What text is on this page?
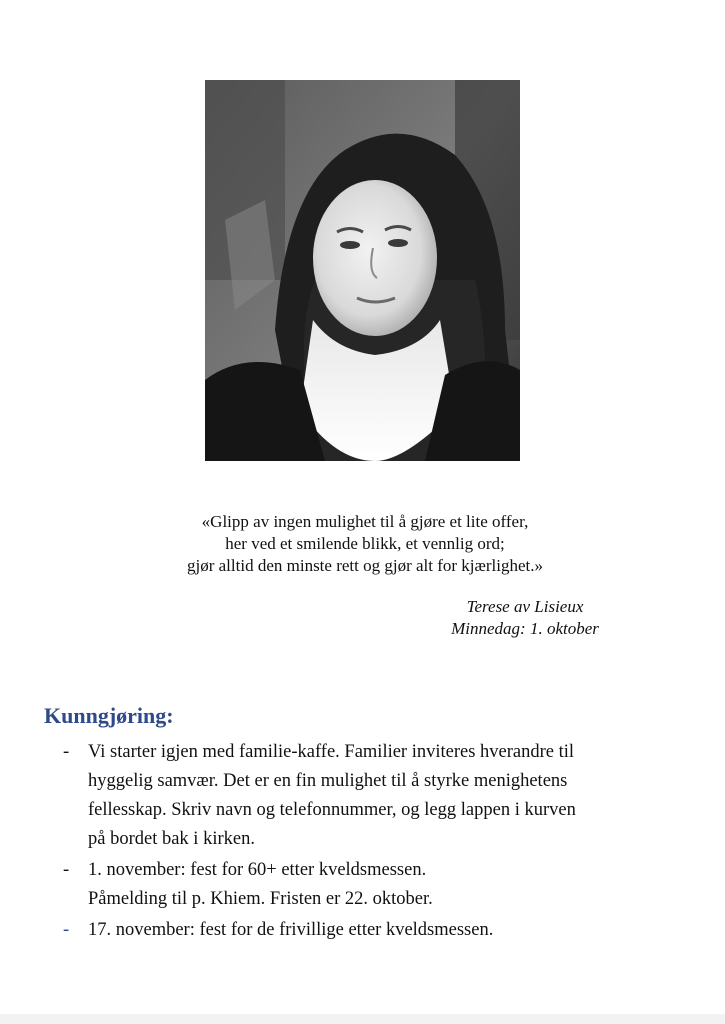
«Glipp av ingen mulighet til å gjøre et lite offer,
her ved et smilende blikk, et vennlig ord;
gjør alltid den minste rett og gjør alt for kjærlighet.»
Terese av Lisieux
Minnedag: 1. oktober
Kunngjøring:
- Vi starter igjen med familie-kaffe. Familier inviteres hverandre til
hyggelig samvær. Det er en fin mulighet til å styrke menighetens
fellesskap. Skriv navn og telefonnummer, og legg lappen i kurven
på bordet bak i kirken.
- 1. november: fest for 60+ etter kveldsmessen.
Påmelding til p. Khiem. Fristen er 22. oktober.
- 17. november: fest for de frivillige etter kveldsmessen.
